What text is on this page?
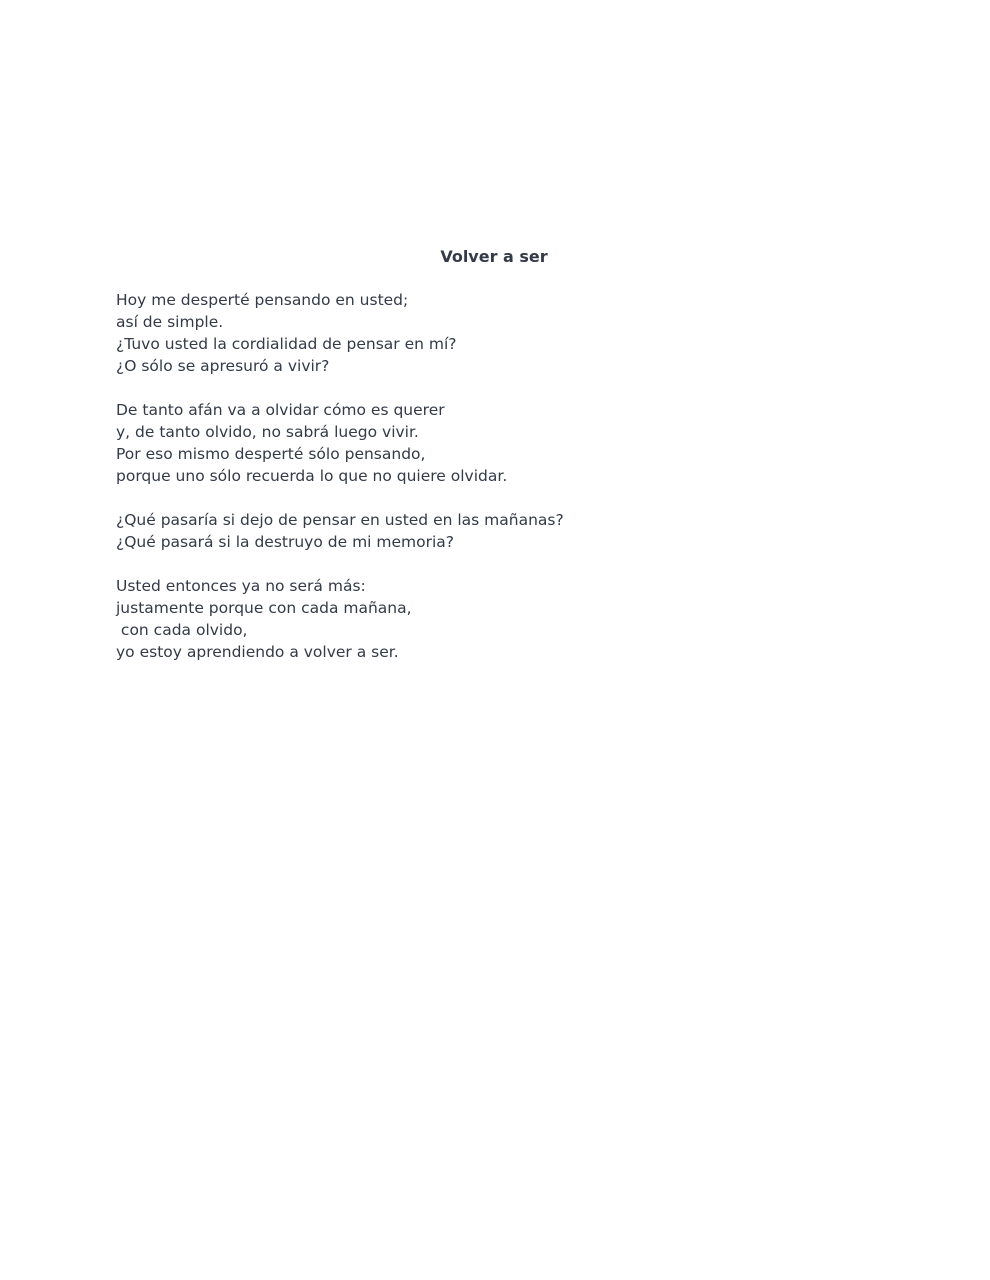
Volver a ser
Hoy me desperté pensando en usted;
así de simple.
¿Tuvo usted la cordialidad de pensar en mí?
¿O sólo se apresuró a vivir?
De tanto afán va a olvidar cómo es querer
y, de tanto olvido, no sabrá luego vivir.
Por eso mismo desperté sólo pensando,
porque uno sólo recuerda lo que no quiere olvidar.
¿Qué pasaría si dejo de pensar en usted en las mañanas?
¿Qué pasará si la destruyo de mi memoria?
Usted entonces ya no será más:
justamente porque con cada mañana,
con cada olvido,
yo estoy aprendiendo a volver a ser.
